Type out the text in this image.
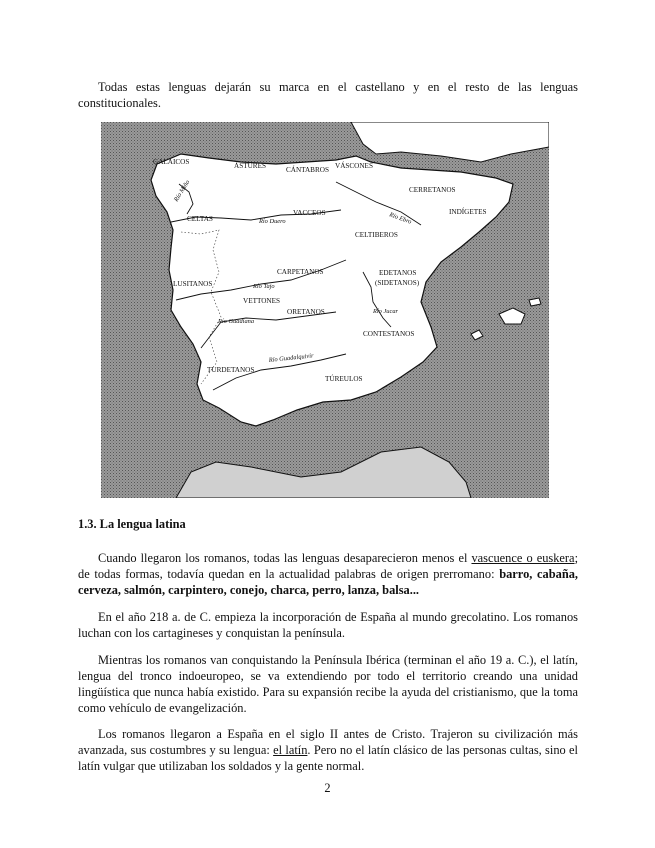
Todas estas lenguas dejarán su marca en el castellano y en el resto de las lenguas constitucionales.

GALAICOS	ÁSTURES	CÁNTABROS VÁSCONES
CERRETANOS
INDÍGETES
CELTAS
VACCEOS
CELTIBEROS
LUSITANOS
CARPETANOS	EDETANOS
(SIDETANOS)
VETTONES
ORETANOS
CONTESTANOS
TURDETANOS
TÚREULOS
Río Miño
Río Duero	Río Ebro
Río Tajo
Río Jucar
Río Guadiana
Río Guadalquivir

1.3. La lengua latina

Cuando llegaron los romanos, todas las lenguas desaparecieron menos el vascuence o euskera; de todas formas, todavía quedan en la actualidad palabras de origen prerromano: barro, cabaña, cerveza, salmón, carpintero, conejo, charca, perro, lanza, balsa...

En el año 218 a. de C. empieza la incorporación de España al mundo grecolatino. Los romanos luchan con los cartagineses y conquistan la península.

Mientras los romanos van conquistando la Península Ibérica (terminan el año 19 a. C.), el latín, lengua del tronco indoeuropeo, se va extendiendo por todo el territorio creando una unidad lingüística que nunca había existido. Para su expansión recibe la ayuda del cristianismo, que la toma como vehículo de evangelización.

Los romanos llegaron a España en el siglo II antes de Cristo. Trajeron su civilización más avanzada, sus costumbres y su lengua: el latín. Pero no el latín clásico de las personas cultas, sino el latín vulgar que utilizaban los soldados y la gente normal.

2
